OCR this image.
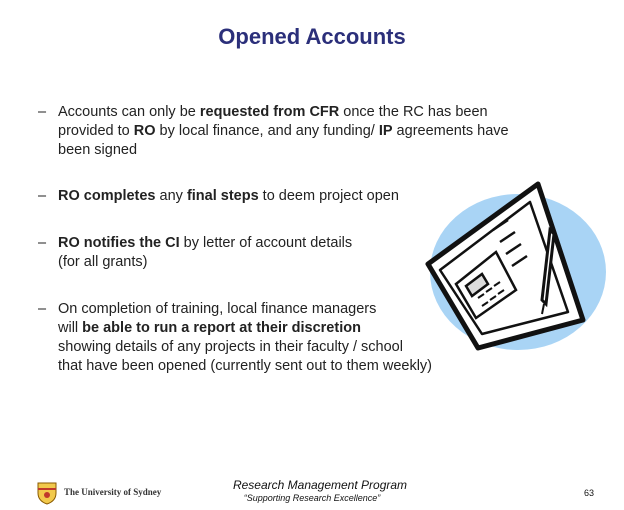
Opened Accounts
– Accounts can only be requested from CFR once the RC has been
provided to RO by local finance, and any funding/ IP agreements have
been signed
– RO completes any final steps to deem project open
– RO notifies the CI by letter of account details
(for all grants)
– On completion of training, local finance managers
will be able to run a report at their discretion
showing details of any projects in their faculty / school
that have been opened (currently sent out to them weekly)
The University of Sydney	Research Management Program
“Supporting Research Excellence”	63
